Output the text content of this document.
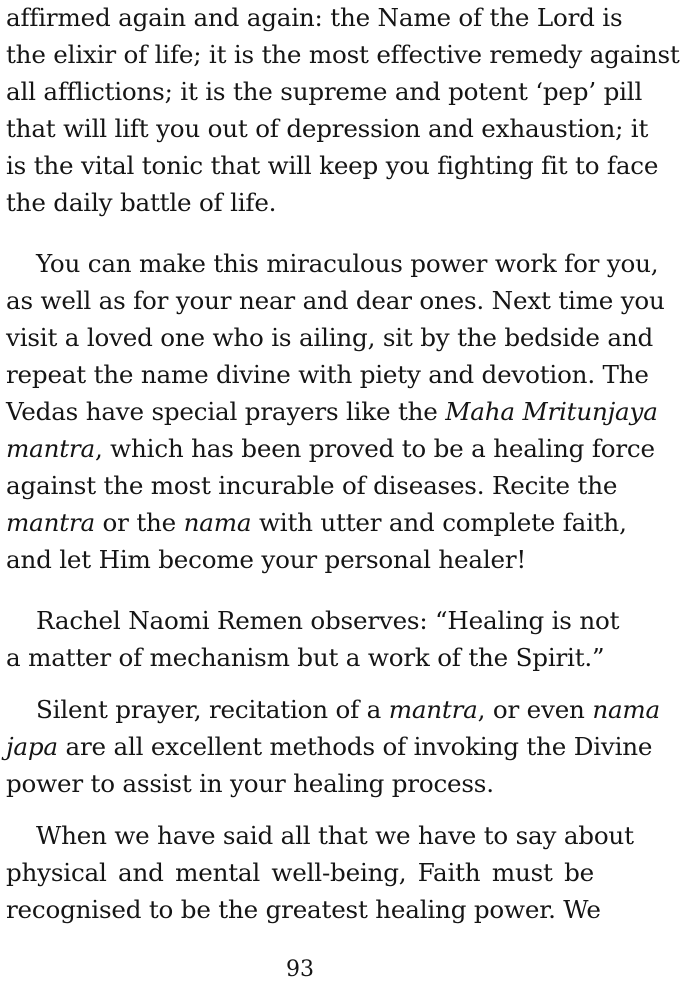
affirmed again and again: the Name of the Lord is
the elixir of life; it is the most effective remedy against
all afflictions; it is the supreme and potent ‘pep’ pill
that will lift you out of depression and exhaustion; it
is the vital tonic that will keep you fighting fit to face
the daily battle of life.
You can make this miraculous power work for you,
as well as for your near and dear ones. Next time you
visit a loved one who is ailing, sit by the bedside and
repeat the name divine with piety and devotion. The
Vedas have special prayers like the Maha Mritunjaya
mantra, which has been proved to be a healing force
against the most incurable of diseases. Recite the
mantra or the nama with utter and complete faith,
and let Him become your personal healer!
Rachel Naomi Remen observes: “Healing is not
a matter of mechanism but a work of the Spirit.”
Silent prayer, recitation of a mantra, or even nama
japa are all excellent methods of invoking the Divine
power to assist in your healing process.
When we have said all that we have to say about
physical and mental well-being, Faith must be
recognised to be the greatest healing power. We
93
